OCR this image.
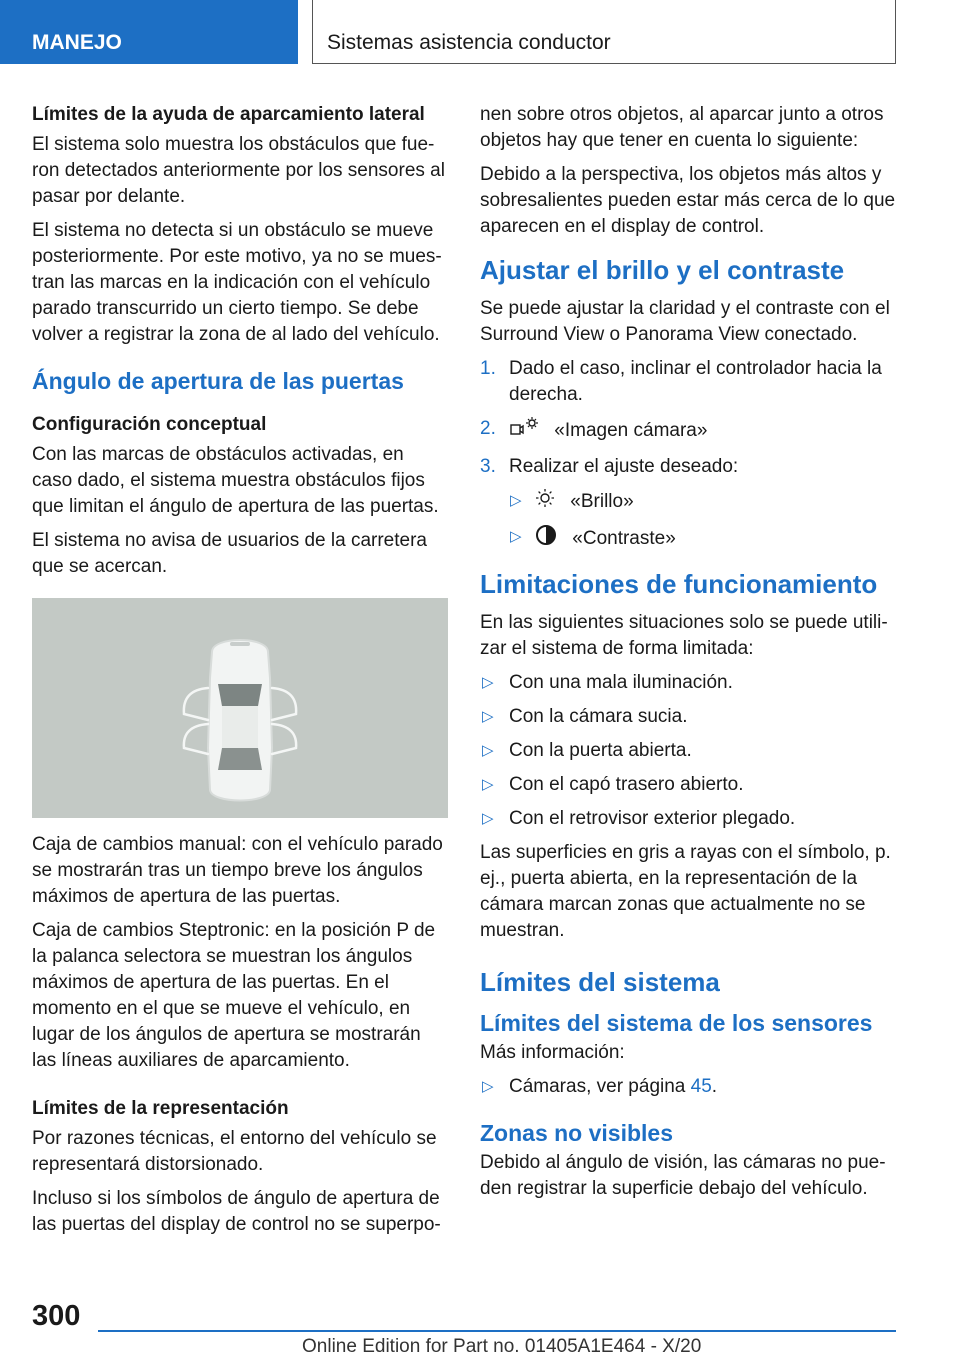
MANEJO	Sistemas asistencia conductor
Límites de la ayuda de aparcamiento lateral

El sistema solo muestra los obstáculos que fueron detectados anteriormente por los sensores al pasar por delante.

El sistema no detecta si un obstáculo se mueve posteriormente. Por este motivo, ya no se muestran las marcas en la indicación con el vehículo parado transcurrido un cierto tiempo. Se debe volver a registrar la zona de al lado del vehículo.

Ángulo de apertura de las puertas
Configuración conceptual

Con las marcas de obstáculos activadas, en caso dado, el sistema muestra obstáculos fijos que limitan el ángulo de apertura de las puertas.

El sistema no avisa de usuarios de la carretera que se acercan.

Caja de cambios manual: con el vehículo parado se mostrarán tras un tiempo breve los ángulos máximos de apertura de las puertas.

Caja de cambios Steptronic: en la posición P de la palanca selectora se muestran los ángulos máximos de apertura de las puertas. En el momento en el que se mueve el vehículo, en lugar de los ángulos de apertura se mostrarán las líneas auxiliares de aparcamiento.

Límites de la representación

Por razones técnicas, el entorno del vehículo se representará distorsionado.

Incluso si los símbolos de ángulo de apertura de las puertas del display de control no se superpo-

nen sobre otros objetos, al aparcar junto a otros objetos hay que tener en cuenta lo siguiente:

Debido a la perspectiva, los objetos más altos y sobresalientes pueden estar más cerca de lo que aparecen en el display de control.

Ajustar el brillo y el contraste

Se puede ajustar la claridad y el contraste con el Surround View o Panorama View conectado.

1. Dado el caso, inclinar el controlador hacia la derecha.
2.	«Imagen cámara»
3. Realizar el ajuste deseado:
▷	«Brillo»
▷	«Contraste»
Limitaciones de funcionamiento

En las siguientes situaciones solo se puede utilizar el sistema de forma limitada:

▷ Con una mala iluminación.
▷ Con la cámara sucia.
▷ Con la puerta abierta.
▷ Con el capó trasero abierto.
▷ Con el retrovisor exterior plegado.

Las superficies en gris a rayas con el símbolo, p. ej., puerta abierta, en la representación de la cámara marcan zonas que actualmente no se muestran.

Límites del sistema
Límites del sistema de los sensores

Más información:

▷ Cámaras, ver página 45.
Zonas no visibles

Debido al ángulo de visión, las cámaras no pueden registrar la superficie debajo del vehículo.

300
Online Edition for Part no. 01405A1E464 - X/20
